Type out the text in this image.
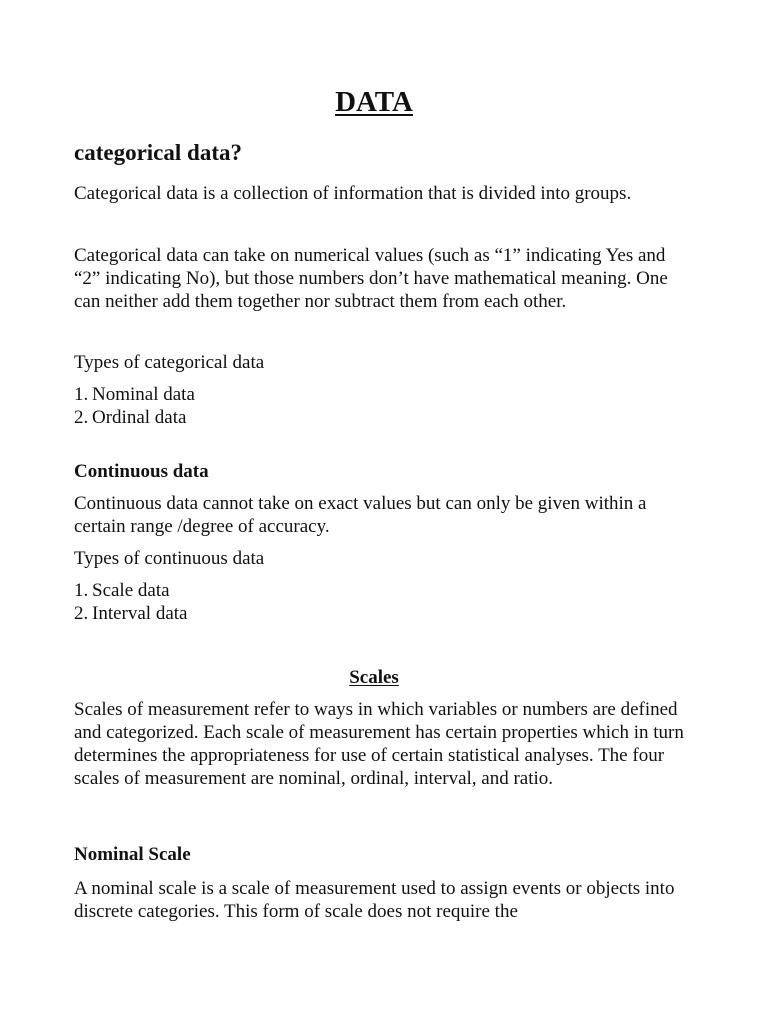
DATA
categorical data?

Categorical data is a collection of information that is divided into groups.

Categorical data can take on numerical values (such as “1” indicating Yes and “2” indicating No), but those numbers don’t have mathematical meaning. One can neither add them together nor subtract them from each other.

Types of categorical data

1. Nominal data
2. Ordinal data
Continuous data

Continuous data cannot take on exact values but can only be given within a certain range /degree of accuracy.

Types of continuous data

1. Scale data
2. Interval data
Scales

Scales of measurement refer to ways in which variables or numbers are defined and categorized. Each scale of measurement has certain properties which in turn determines the appropriateness for use of certain statistical analyses. The four scales of measurement are nominal, ordinal, interval, and ratio.

Nominal Scale

A nominal scale is a scale of measurement used to assign events or objects into discrete categories. This form of scale does not require the
